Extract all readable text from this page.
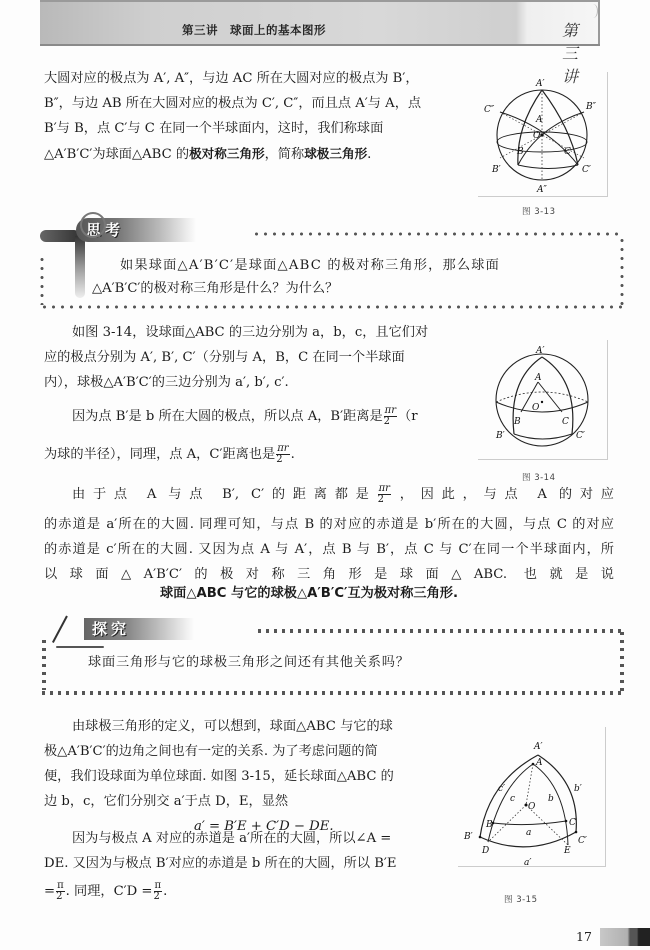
第三讲 球面上的基本图形	第三讲
大圆对应的极点为 A′, A″，与边 AC 所在大圆对应的极点为 B′，
B″，与边 AB 所在大圆对应的极点为 C′, C″，而且点 A′与 A，点
B′与 B，点 C′与 C 在同一个半球面内，这时，我们称球面
△A′B′C′为球面△ABC 的极对称三角形，简称球极三角形.
A′
C″	B″
A
O
B	C
B′	C′
A″
图 3-13
思考
如果球面△A′B′C′是球面△ABC 的极对称三角形，那么球面
△A′B′C′的极对称三角形是什么？为什么？
如图 3-14，设球面△ABC 的三边分别为 a，b，c，且它们对
应的极点分别为 A′, B′, C′（分别与 A，B，C 在同一个半球面
内），球极△A′B′C′的三边分别为 a′, b′, c′.
因为点 B′是 b 所在大圆的极点，所以点 A，B′距离是 $\frac{\pi r}{2} (r$
为球的半径），同理，点 A，C′距离也是 $\frac{\pi r}{2}$ .
A′
A
O
B	C
B′	C′
图 3-14
由于点 A 与点 B′, C′的距离都是 $\frac{\pi r}{2}$ ，因此，与点 A 的对应
的赤道是 a′所在的大圆. 同理可知，与点 B 的对应的赤道是 b′所在的大圆，与点 C 的对应
的赤道是 c′所在的大圆. 又因为点 A 与 A′，点 B 与 B′，点 C 与 C′在同一个半球面内，所
以球面△A′B′C′的极对称三角形是球面△ABC. 也就是说
球面△ABC 与它的球极△A′B′C′互为极对称三角形.
探究
球面三角形与它的球极三角形之间还有其他关系吗？
由球极三角形的定义，可以想到，球面△ABC 与它的球
极△A′B′C′的边角之间也有一定的关系. 为了考虑问题的简
便，我们设球面为单位球面. 如图 3-15，延长球面△ABC 的
边 b，c，它们分别交 a′于点 D，E，显然
a′ = B′E + C′D − DE.
因为与极点 A 对应的赤道是 a′所在的大圆，所以∠A =
DE. 又因为与极点 B′对应的赤道是 b 所在的大圆，所以 B′E
= $\frac{\pi}{2}$ . 同理，$C'D = \frac{\pi}{2}$ .
A′
A
c′
c	b
b′
O
B	C
a
B′	C′
D	E
a′
图 3-15
17
